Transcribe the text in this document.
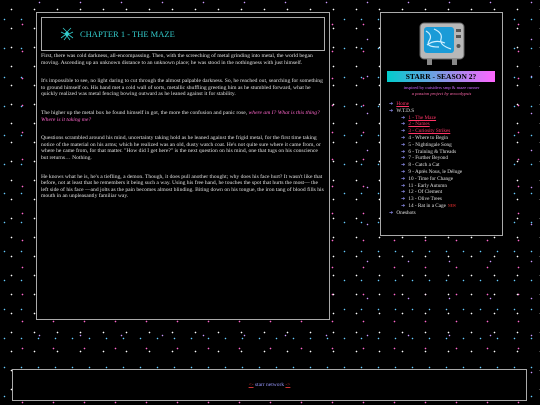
CHAPTER 1 - THE MAZE

First, there was cold darkness, all-encompassing. Then, with the screeching of metal grinding into metal, the world began moving. Ascending up an unknown distance to an unknown place; he was stood in the nothingness with just himself.

It's impossible to see, no light daring to cut through the almost palpable darkness. So, he reached out, searching for something to ground himself on. His hand met a cold wall of sorts, metallic shuffling greeting him as he stumbled forward, what he quickly realized was metal fencing bowing outward as he leaned against it for stability.

The higher up the metal box he found himself in got, the more the confusion and panic rose, where am I? What is this thing? Where is it taking me?

Questions scrambled around his mind, uncertainty taking hold as he leaned against the frigid metal, for the first time taking notice of the material on his arms; which he realized was an old, dusty watch coat. He's not quite sure where it came from, or where he came from, for that matter. "How did I get here?" is the next question on his mind, one that tugs on his conscience but returns… Nothing.

He knows what he is, he's a tiefling, a demon. Though, it does pull another thought; why does his face hurt? It wasn't like that before, not at least that he remembers it being such a way. Using his free hand, he touches the spot that hurts the most— the left side of his face —and jolts as the pain becomes almost blinding. Biting down on his tongue, the iron tang of blood fills his mouth in an unpleasantly familiar way.

STARR - SEASON 2?
inspired by outsiders smp & maze runner
a passion project by avocalypsis
➜ Home
➜ W.T.D.S
➜ 1 - The Maze
➜ 2 - Names
➜ 3 - Curiosity Strikes
➜ 4 - Where to Begin
➜ 5 - Nightingale Song
➜ 6 - Training & Threads
➜ 7 - Further Beyond
➜ 8 - Catch a Cat
➜ 9 - Après Nous, le Déluge
➜ 10 - Time for Change
➜ 11 - Early Autumn
➜ 12 - Of Clement
➜ 13 - Olive Trees
➜ 14 - Rat in a Cage NEW
➜ Oneshots
<- starr network ->
